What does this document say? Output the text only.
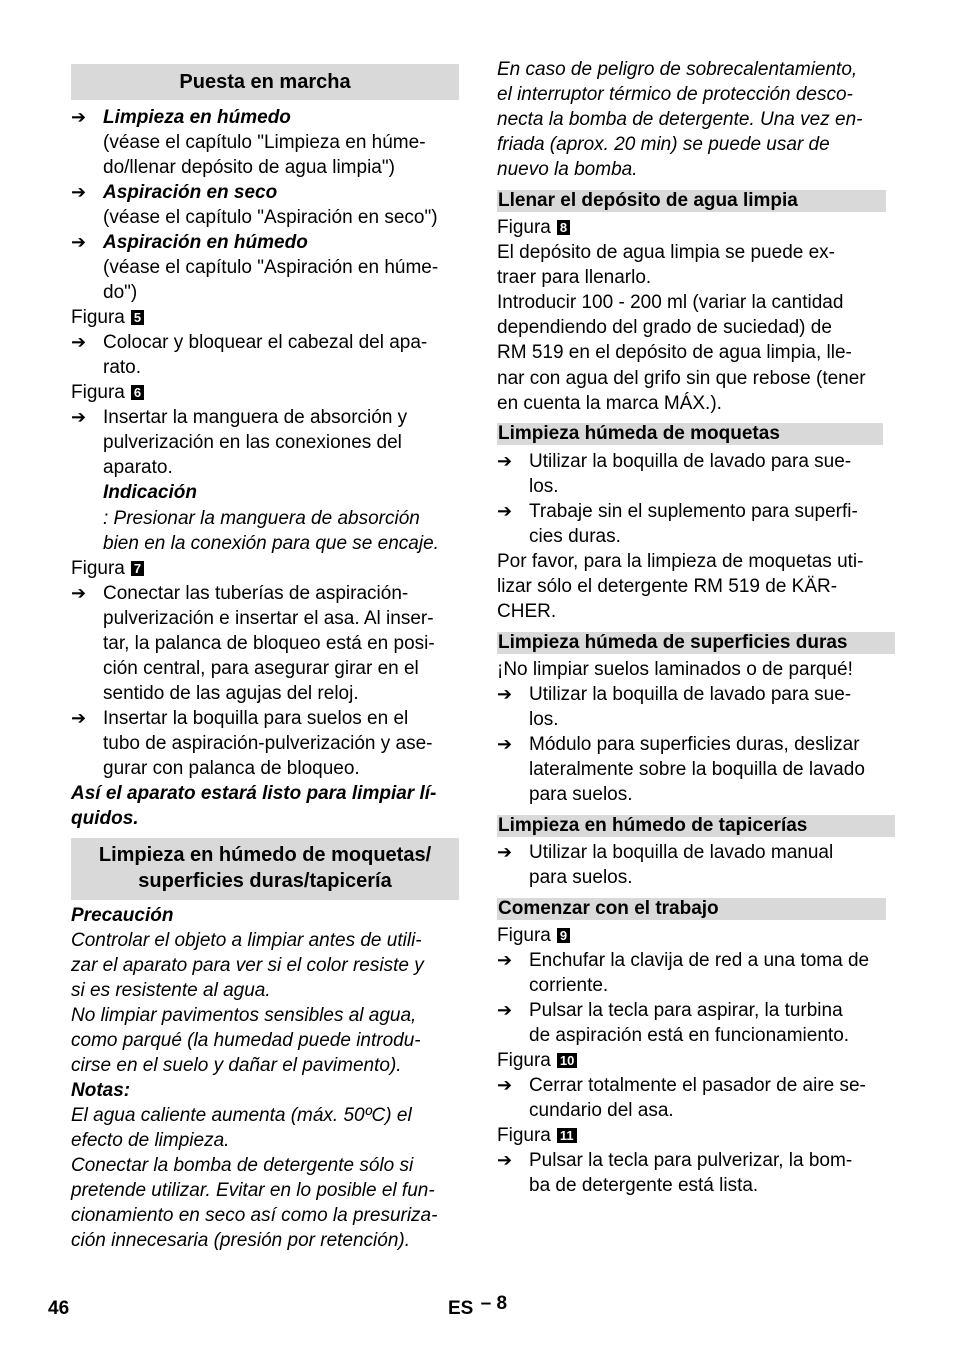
Puesta en marcha
➔ Limpieza en húmedo
(véase el capítulo "Limpieza en húme-
do/llenar depósito de agua limpia")
➔ Aspiración en seco
(véase el capítulo "Aspiración en seco")
➔ Aspiración en húmedo
(véase el capítulo "Aspiración en húme-
do")
Figura 5
➔ Colocar y bloquear el cabezal del apa-
rato.
Figura 6
➔ Insertar la manguera de absorción y
pulverización en las conexiones del
aparato.
Indicación
: Presionar la manguera de absorción
bien en la conexión para que se encaje.
Figura 7
➔ Conectar las tuberías de aspiración-
pulverización e insertar el asa. Al inser-
tar, la palanca de bloqueo está en posi-
ción central, para asegurar girar en el
sentido de las agujas del reloj.
➔ Insertar la boquilla para suelos en el
tubo de aspiración-pulverización y ase-
gurar con palanca de bloqueo.
Así el aparato estará listo para limpiar lí-
quidos.
Limpieza en húmedo de moquetas/
superficies duras/tapicería
Precaución
Controlar el objeto a limpiar antes de utili-
zar el aparato para ver si el color resiste y
si es resistente al agua.
No limpiar pavimentos sensibles al agua,
como parqué (la humedad puede introdu-
cirse en el suelo y dañar el pavimento).
Notas:
El agua caliente aumenta (máx. 50ºC) el
efecto de limpieza.
Conectar la bomba de detergente sólo si
pretende utilizar. Evitar en lo posible el fun-
cionamiento en seco así como la presuriza-
ción innecesaria (presión por retención).
En caso de peligro de sobrecalentamiento,
el interruptor térmico de protección desco-
necta la bomba de detergente. Una vez en-
friada (aprox. 20 min) se puede usar de
nuevo la bomba.
Llenar el depósito de agua limpia
Figura 8
El depósito de agua limpia se puede ex-
traer para llenarlo.
Introducir 100 - 200 ml (variar la cantidad
dependiendo del grado de suciedad) de
RM 519 en el depósito de agua limpia, lle-
nar con agua del grifo sin que rebose (tener
en cuenta la marca MÁX.).
Limpieza húmeda de moquetas
➔ Utilizar la boquilla de lavado para sue-
los.
➔ Trabaje sin el suplemento para superfi-
cies duras.
Por favor, para la limpieza de moquetas uti-
lizar sólo el detergente RM 519 de KÄR-
CHER.
Limpieza húmeda de superficies duras
¡No limpiar suelos laminados o de parqué!
➔ Utilizar la boquilla de lavado para sue-
los.
➔ Módulo para superficies duras, deslizar
lateralmente sobre la boquilla de lavado
para suelos.
Limpieza en húmedo de tapicerías
➔ Utilizar la boquilla de lavado manual
para suelos.
Comenzar con el trabajo
Figura 9
➔ Enchufar la clavija de red a una toma de
corriente.
➔ Pulsar la tecla para aspirar, la turbina
de aspiración está en funcionamiento.
Figura 10
➔ Cerrar totalmente el pasador de aire se-
cundario del asa.
Figura 11
➔ Pulsar la tecla para pulverizar, la bom-
ba de detergente está lista.
46	ES – 8
